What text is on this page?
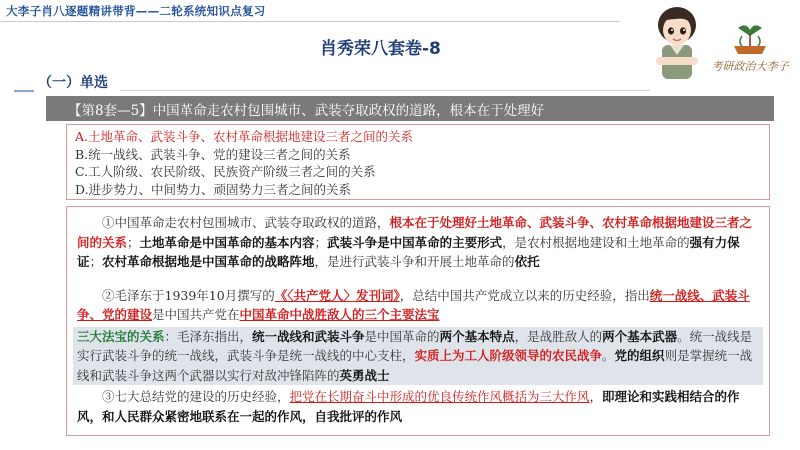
大李子肖八逐题精讲带背——二轮系统知识点复习
肖秀荣八套卷-8
考研政治大李子
（一）单选
【第8套—5】中国革命走农村包围城市、武装夺取政权的道路，根本在于处理好
A.土地革命、武装斗争、农村革命根据地建设三者之间的关系
B.统一战线、武装斗争、党的建设三者之间的关系
C.工人阶级、农民阶级、民族资产阶级三者之间的关系
D.进步势力、中间势力、顽固势力三者之间的关系
①中国革命走农村包围城市、武装夺取政权的道路，根本在于处理好土地革命、武装斗争、农村革命根据地建设三者之间的关系；土地革命是中国革命的基本内容；武装斗争是中国革命的主要形式，是农村根据地建设和土地革命的强有力保证；农村革命根据地是中国革命的战略阵地，是进行武装斗争和开展土地革命的依托
②毛泽东于1939年10月撰写的《〈共产党人〉发刊词》，总结中国共产党成立以来的历史经验，指出统一战线、武装斗争、党的建设是中国共产党在中国革命中战胜敌人的三个主要法宝
三大法宝的关系：毛泽东指出，统一战线和武装斗争是中国革命的两个基本特点，是战胜敌人的两个基本武器。统一战线是实行武装斗争的统一战线，武装斗争是统一战线的中心支柱，实质上为工人阶级领导的农民战争。党的组织则是掌握统一战线和武装斗争这两个武器以实行对敌冲锋陷阵的英勇战士
③七大总结党的建设的历史经验，把党在长期奋斗中形成的优良传统作风概括为三大作风，即理论和实践相结合的作风，和人民群众紧密地联系在一起的作风，自我批评的作风
